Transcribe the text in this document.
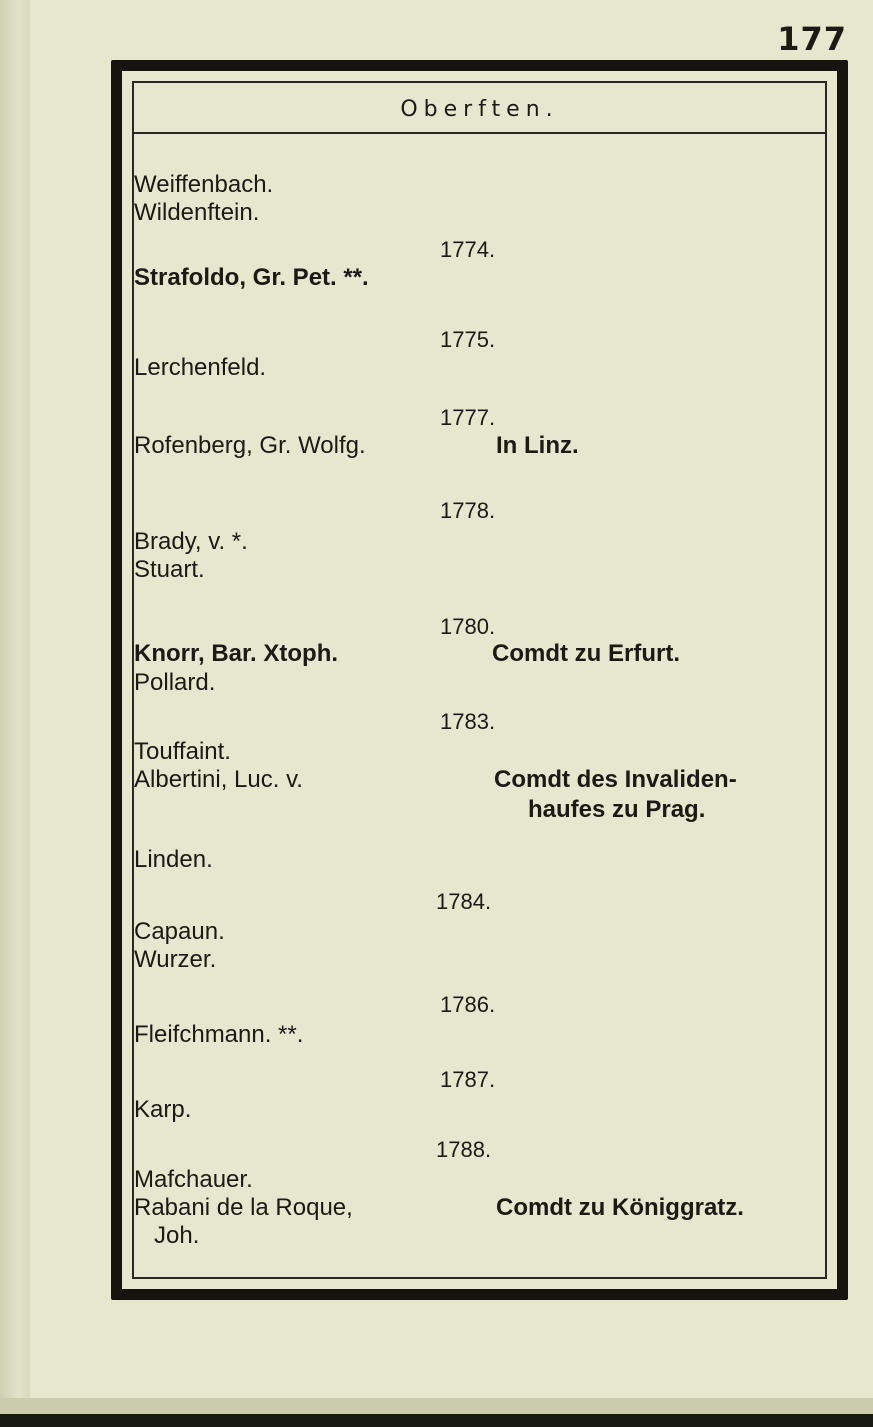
177
Oberften.
Weiffenbach.
Wildenftein.
1774.
Strafoldo, Gr. Pet. **.
1775.
Lerchenfeld.
1777.
Rofenberg, Gr. Wolfg.	In Linz.
1778.
Brady, v. *.
Stuart.
1780.
Knorr, Bar. Xtoph.	Comdt zu Erfurt.
Pollard.
1783.
Touffaint.
Albertini, Luc. v.	Comdt des Invaliden-
haufes zu Prag.
Linden.
1784.
Capaun.
Wurzer.
1786.
Fleifchmann. **.
1787.
Karp.
1788.
Mafchauer.
Rabani de la Roque,	Comdt zu Königgratz.
Joh.
